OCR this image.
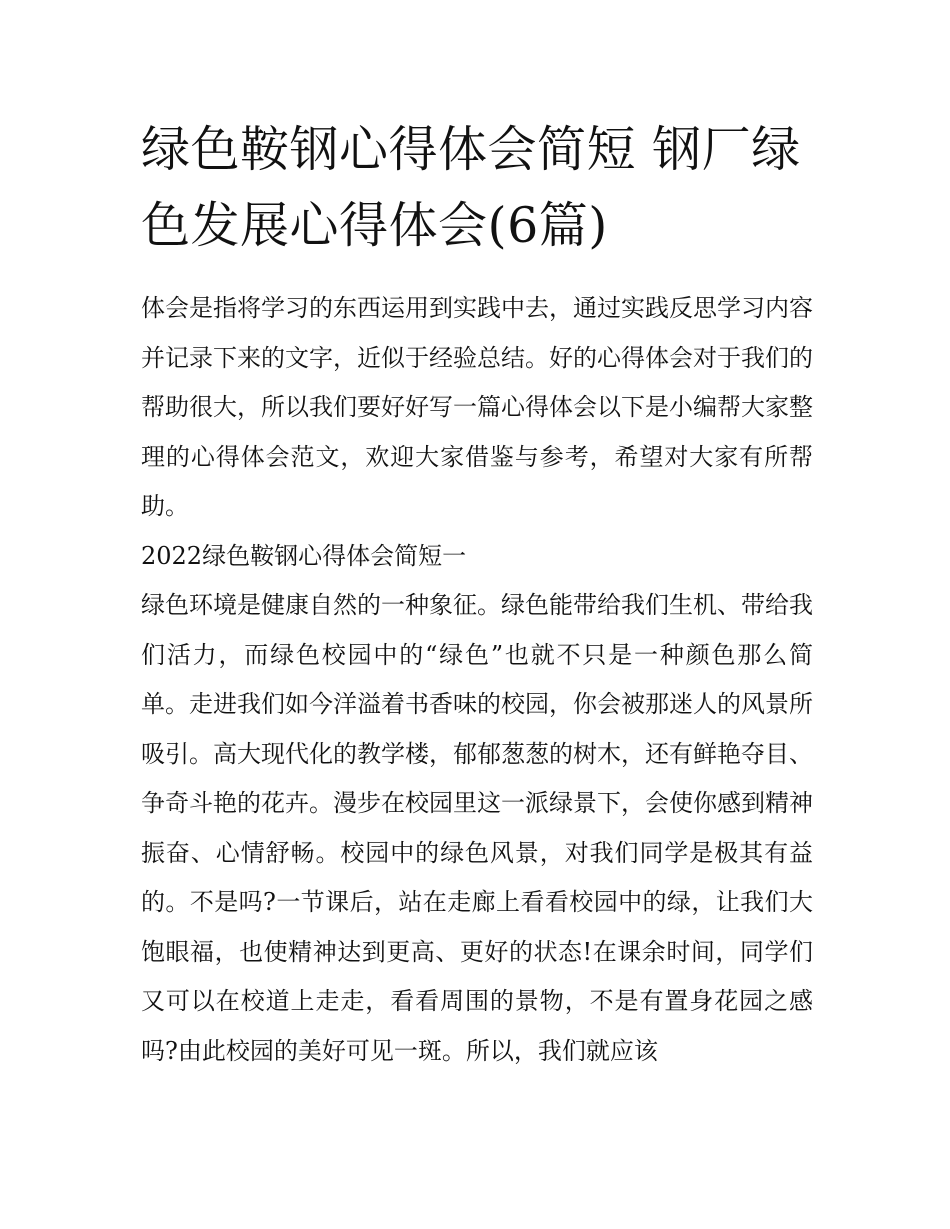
绿色鞍钢心得体会简短 钢厂绿色发展心得体会(6篇)

体会是指将学习的东西运用到实践中去，通过实践反思学习内容并记录下来的文字，近似于经验总结。好的心得体会对于我们的帮助很大，所以我们要好好写一篇心得体会以下是小编帮大家整理的心得体会范文，欢迎大家借鉴与参考，希望对大家有所帮助。

2022绿色鞍钢心得体会简短一

绿色环境是健康自然的一种象征。绿色能带给我们生机、带给我们活力，而绿色校园中的“绿色”也就不只是一种颜色那么简单。走进我们如今洋溢着书香味的校园，你会被那迷人的风景所吸引。高大现代化的教学楼，郁郁葱葱的树木，还有鲜艳夺目、争奇斗艳的花卉。漫步在校园里这一派绿景下，会使你感到精神振奋、心情舒畅。校园中的绿色风景，对我们同学是极其有益的。不是吗?一节课后，站在走廊上看看校园中的绿，让我们大饱眼福，也使精神达到更高、更好的状态!在课余时间，同学们又可以在校道上走走，看看周围的景物，不是有置身花园之感吗?由此校园的美好可见一斑。所以，我们就应该
